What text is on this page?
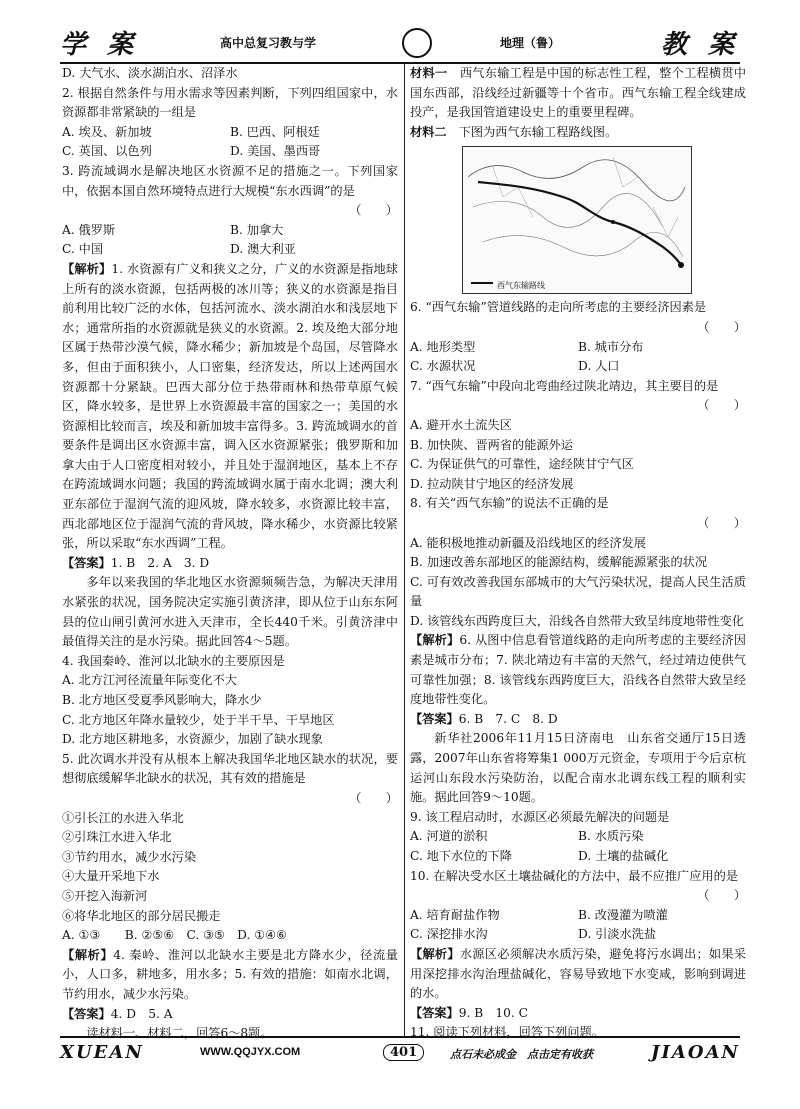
学 案	高中总复习教与学	地理（鲁）	教 案

D. 大气水、淡水湖泊水、沼泽水

2. 根据自然条件与用水需求等因素判断，下列四组国家中，水资源都非常紧缺的一组是

A. 埃及、新加坡	B. 巴西、阿根廷
C. 英国、以色列	D. 美国、墨西哥

3. 跨流域调水是解决地区水资源不足的措施之一。下列国家中，依据本国自然环境特点进行大规模“东水西调”的是

（　　）

A. 俄罗斯	B. 加拿大
C. 中国	D. 澳大利亚

【解析】1. 水资源有广义和狭义之分，广义的水资源是指地球上所有的淡水资源，包括两极的冰川等；狭义的水资源是指目前利用比较广泛的水体，包括河流水、淡水湖泊水和浅层地下水；通常所指的水资源就是狭义的水资源。2. 埃及绝大部分地区属于热带沙漠气候，降水稀少；新加坡是个岛国，尽管降水多，但由于面积狭小，人口密集，经济发达，所以上述两国水资源都十分紧缺。巴西大部分位于热带雨林和热带草原气候区，降水较多，是世界上水资源最丰富的国家之一；美国的水资源相比较而言，埃及和新加坡丰富得多。3. 跨流域调水的首要条件是调出区水资源丰富，调入区水资源紧张；俄罗斯和加拿大由于人口密度相对较小，并且处于湿润地区，基本上不存在跨流域调水问题；我国的跨流域调水属于南水北调；澳大利亚东部位于湿润气流的迎风坡，降水较多，水资源比较丰富，西北部地区位于湿润气流的背风坡，降水稀少，水资源比较紧张，所以采取“东水西调”工程。

【答案】1. B　2. A　3. D

多年以来我国的华北地区水资源频频告急，为解决天津用水紧张的状况，国务院决定实施引黄济津，即从位于山东东阿县的位山闸引黄河水进入天津市，全长440千米。引黄济津中最值得关注的是水污染。据此回答4～5题。

4. 我国秦岭、淮河以北缺水的主要原因是

A. 北方江河径流量年际变化不大

B. 北方地区受夏季风影响大，降水少

C. 北方地区年降水量较少，处于半干旱、干旱地区

D. 北方地区耕地多，水资源少，加剧了缺水现象

5. 此次调水并没有从根本上解决我国华北地区缺水的状况，要想彻底缓解华北缺水的状况，其有效的措施是

（　　）

①引长江的水进入华北

②引珠江水进入华北

③节约用水，减少水污染

④大量开采地下水

⑤开挖入海新河

⑥将华北地区的部分居民搬走

A. ①③　　B. ②⑤⑥　C. ③⑤　D. ①④⑥

【解析】4. 秦岭、淮河以北缺水主要是北方降水少，径流量小，人口多，耕地多，用水多；5. 有效的措施：如南水北调，节约用水，减少水污染。

【答案】4. D　5. A

读材料一、材料二，回答6～8题。

材料一　 西气东输工程是中国的标志性工程，整个工程横贯中国东西部，沿线经过新疆等十个省市。西气东输工程全线建成投产，是我国管道建设史上的重要里程碑。

材料二　 下图为西气东输工程路线图。

西气东输路线

6. “西气东输”管道线路的走向所考虑的主要经济因素是

（　　）

A. 地形类型	B. 城市分布
C. 水源状况	D. 人口

7. “西气东输”中段向北弯曲经过陕北靖边，其主要目的是

（　　）

A. 避开水土流失区

B. 加快陕、晋两省的能源外运

C. 为保证供气的可靠性，途经陕甘宁气区

D. 拉动陕甘宁地区的经济发展

8. 有关“西气东输”的说法不正确的是

（　　）

A. 能积极地推动新疆及沿线地区的经济发展

B. 加速改善东部地区的能源结构，缓解能源紧张的状况

C. 可有效改善我国东部城市的大气污染状况，提高人民生活质量

D. 该管线东西跨度巨大，沿线各自然带大致呈纬度地带性变化

【解析】6. 从图中信息看管道线路的走向所考虑的主要经济因素是城市分布；7. 陕北靖边有丰富的天然气，经过靖边使供气可靠性加强；8. 该管线东西跨度巨大，沿线各自然带大致呈经度地带性变化。

【答案】6. B　7. C　8. D

新华社2006年11月15日济南电　山东省交通厅15日透露，2007年山东省将筹集1 000万元资金，专项用于今后京杭运河山东段水污染防治，以配合南水北调东线工程的顺利实施。据此回答9～10题。

9. 该工程启动时，水源区必须最先解决的问题是

A. 河道的淤积	B. 水质污染
C. 地下水位的下降	D. 土壤的盐碱化

10. 在解决受水区土壤盐碱化的方法中，最不应推广应用的是

（　　）

A. 培育耐盐作物	B. 改漫灌为喷灌
C. 深挖排水沟	D. 引淡水洗盐

【解析】水源区必须解决水质污染，避免将污水调出；如果采用深挖排水沟治理盐碱化，容易导致地下水变咸，影响到调进的水。

【答案】9. B　10. C

11. 阅读下列材料，回答下列问题。

XUEAN	WWW.QQJYX.COM	401	点石未必成金　点击定有收获	JIAOAN
